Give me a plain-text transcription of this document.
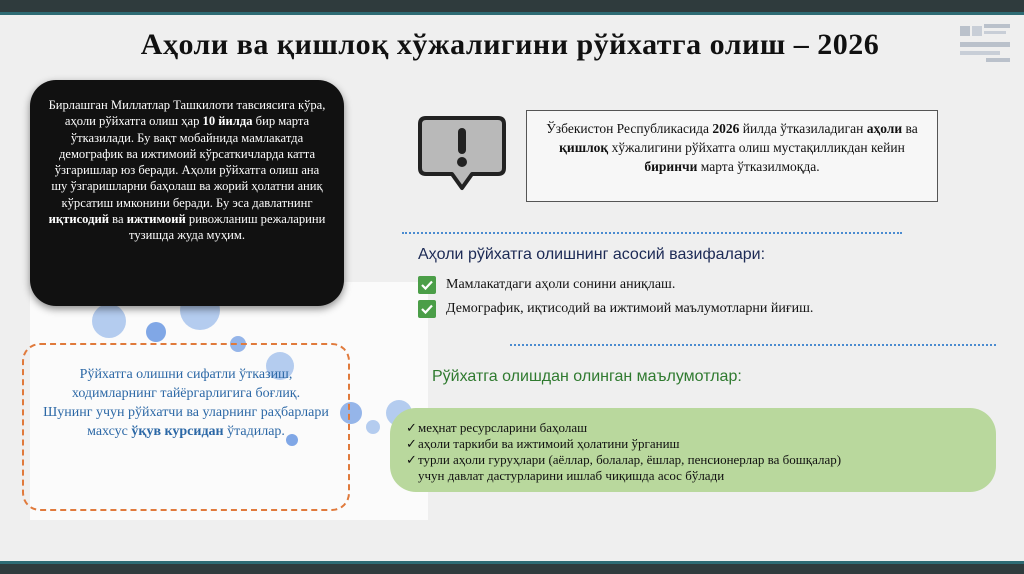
Аҳоли ва қишлоқ хўжалигини рўйхатга олиш – 2026
Бирлашган Миллатлар Ташкилоти тавсиясига кўра, аҳоли рўйхатга олиш ҳар 10 йилда бир марта ўтказилади. Бу вақт мобайнида мамлакатда демографик ва ижтимоий кўрсаткичларда катта ўзгаришлар юз беради. Аҳоли рўйхатга олиш ана шу ўзгаришларни баҳолаш ва жорий ҳолатни аниқ кўрсатиш имконини беради. Бу эса давлатнинг иқтисодий ва ижтимоий ривожланиш режаларини тузишда жуда муҳим.
Рўйхатга олишни сифатли ўтказиш, ходимларнинг тайёргарлигига боғлиқ.
Шунинг учун рўйхатчи ва уларнинг раҳбарлари махсус ўқув курсидан ўтадилар.
Ўзбекистон Республикасида 2026 йилда ўтказиладиган аҳоли ва қишлоқ хўжалигини рўйхатга олиш мустақилликдан кейин биринчи марта ўтказилмоқда.
Аҳоли рўйхатга олишнинг асосий вазифалари:
Мамлакатдаги аҳоли сонини аниқлаш.
Демографик, иқтисодий ва ижтимоий маълумотларни йиғиш.
Рўйхатга олишдан олинган маълумотлар:
✓ меҳнат ресурсларини баҳолаш
✓ аҳоли таркиби ва ижтимоий ҳолатини ўрганиш
✓ турли аҳоли гуруҳлари (аёллар, болалар, ёшлар, пенсионерлар ва бошқалар)
учун давлат дастурларини ишлаб чиқишда асос бўлади
